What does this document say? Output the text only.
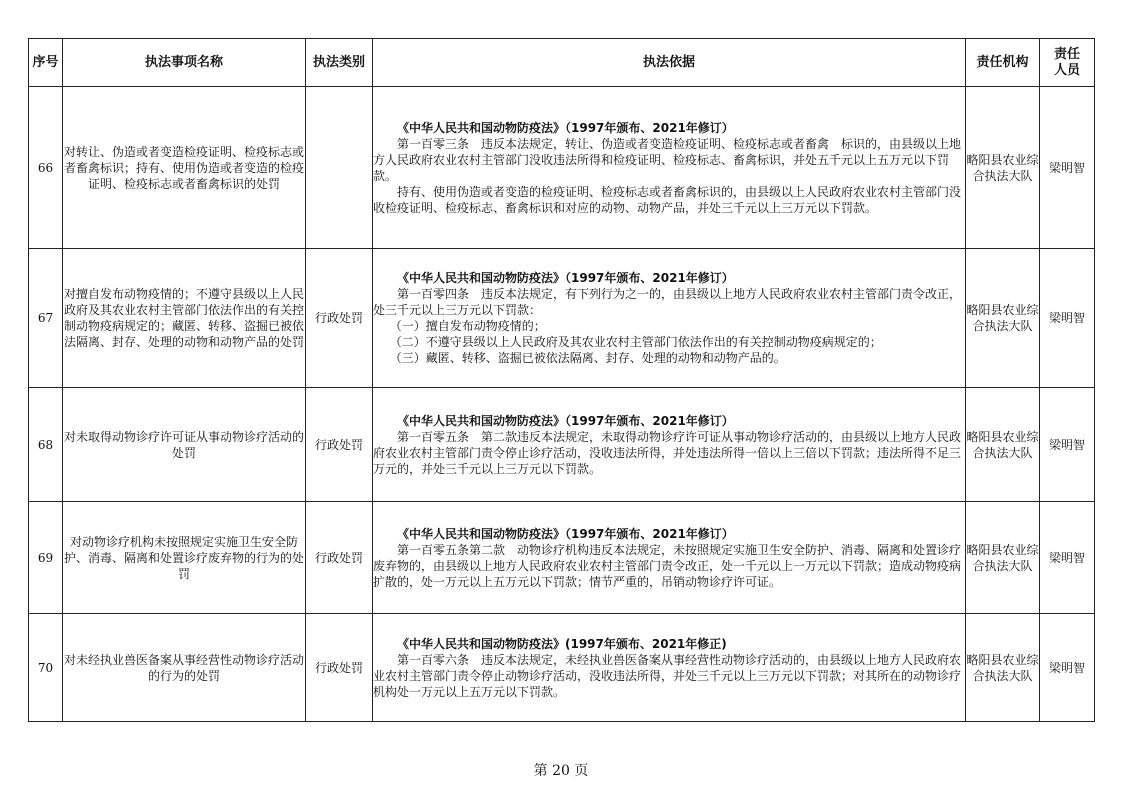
序号	执法事项名称	执法类别	执法依据	责任机构	责任人员
66	对转让、伪造或者变造检疫证明、检疫标志或者畜禽标识；持有、使用伪造或者变造的检疫证明、检疫标志或者畜禽标识的处罚		《中华人民共和国动物防疫法》（1997年颁布、2021年修订）
第一百零三条　违反本法规定，转让、伪造或者变造检疫证明、检疫标志或者畜禽　标识的，由县级以上地方人民政府农业农村主管部门没收违法所得和检疫证明、检疫标志、畜禽标识，并处五千元以上五万元以下罚款。
持有、使用伪造或者变造的检疫证明、检疫标志或者畜禽标识的，由县级以上人民政府农业农村主管部门没收检疫证明、检疫标志、畜禽标识和对应的动物、动物产品，并处三千元以上三万元以下罚款。	略阳县农业综合执法大队	梁明智
67	对擅自发布动物疫情的；不遵守县级以上人民政府及其农业农村主管部门依法作出的有关控制动物疫病规定的；藏匿、转移、盗掘已被依法隔离、封存、处理的动物和动物产品的处罚	行政处罚	《中华人民共和国动物防疫法》（1997年颁布、2021年修订）
第一百零四条　违反本法规定，有下列行为之一的，由县级以上地方人民政府农业农村主管部门责令改正，处三千元以上三万元以下罚款：
（一）擅自发布动物疫情的；
（二）不遵守县级以上人民政府及其农业农村主管部门依法作出的有关控制动物疫病规定的；
（三）藏匿、转移、盗掘已被依法隔离、封存、处理的动物和动物产品的。	略阳县农业综合执法大队	梁明智
68	对未取得动物诊疗许可证从事动物诊疗活动的处罚	行政处罚	《中华人民共和国动物防疫法》（1997年颁布、2021年修订）
第一百零五条　第二款违反本法规定，未取得动物诊疗许可证从事动物诊疗活动的，由县级以上地方人民政府农业农村主管部门责令停止诊疗活动，没收违法所得，并处违法所得一倍以上三倍以下罚款；违法所得不足三万元的，并处三千元以上三万元以下罚款。	略阳县农业综合执法大队	梁明智
69	对动物诊疗机构未按照规定实施卫生安全防护、消毒、隔离和处置诊疗废弃物的行为的处罚	行政处罚	《中华人民共和国动物防疫法》（1997年颁布、2021年修订）
第一百零五条第二款　动物诊疗机构违反本法规定，未按照规定实施卫生安全防护、消毒、隔离和处置诊疗废弃物的，由县级以上地方人民政府农业农村主管部门责令改正，处一千元以上一万元以下罚款；造成动物疫病扩散的，处一万元以上五万元以下罚款；情节严重的，吊销动物诊疗许可证。	略阳县农业综合执法大队	梁明智
70	对未经执业兽医备案从事经营性动物诊疗活动的行为的处罚	行政处罚	《中华人民共和国动物防疫法》(1997年颁布、2021年修正)
第一百零六条　违反本法规定，未经执业兽医备案从事经营性动物诊疗活动的，由县级以上地方人民政府农业农村主管部门责令停止动物诊疗活动，没收违法所得，并处三千元以上三万元以下罚款；对其所在的动物诊疗机构处一万元以上五万元以下罚款。	略阳县农业综合执法大队	梁明智
第 20 页
